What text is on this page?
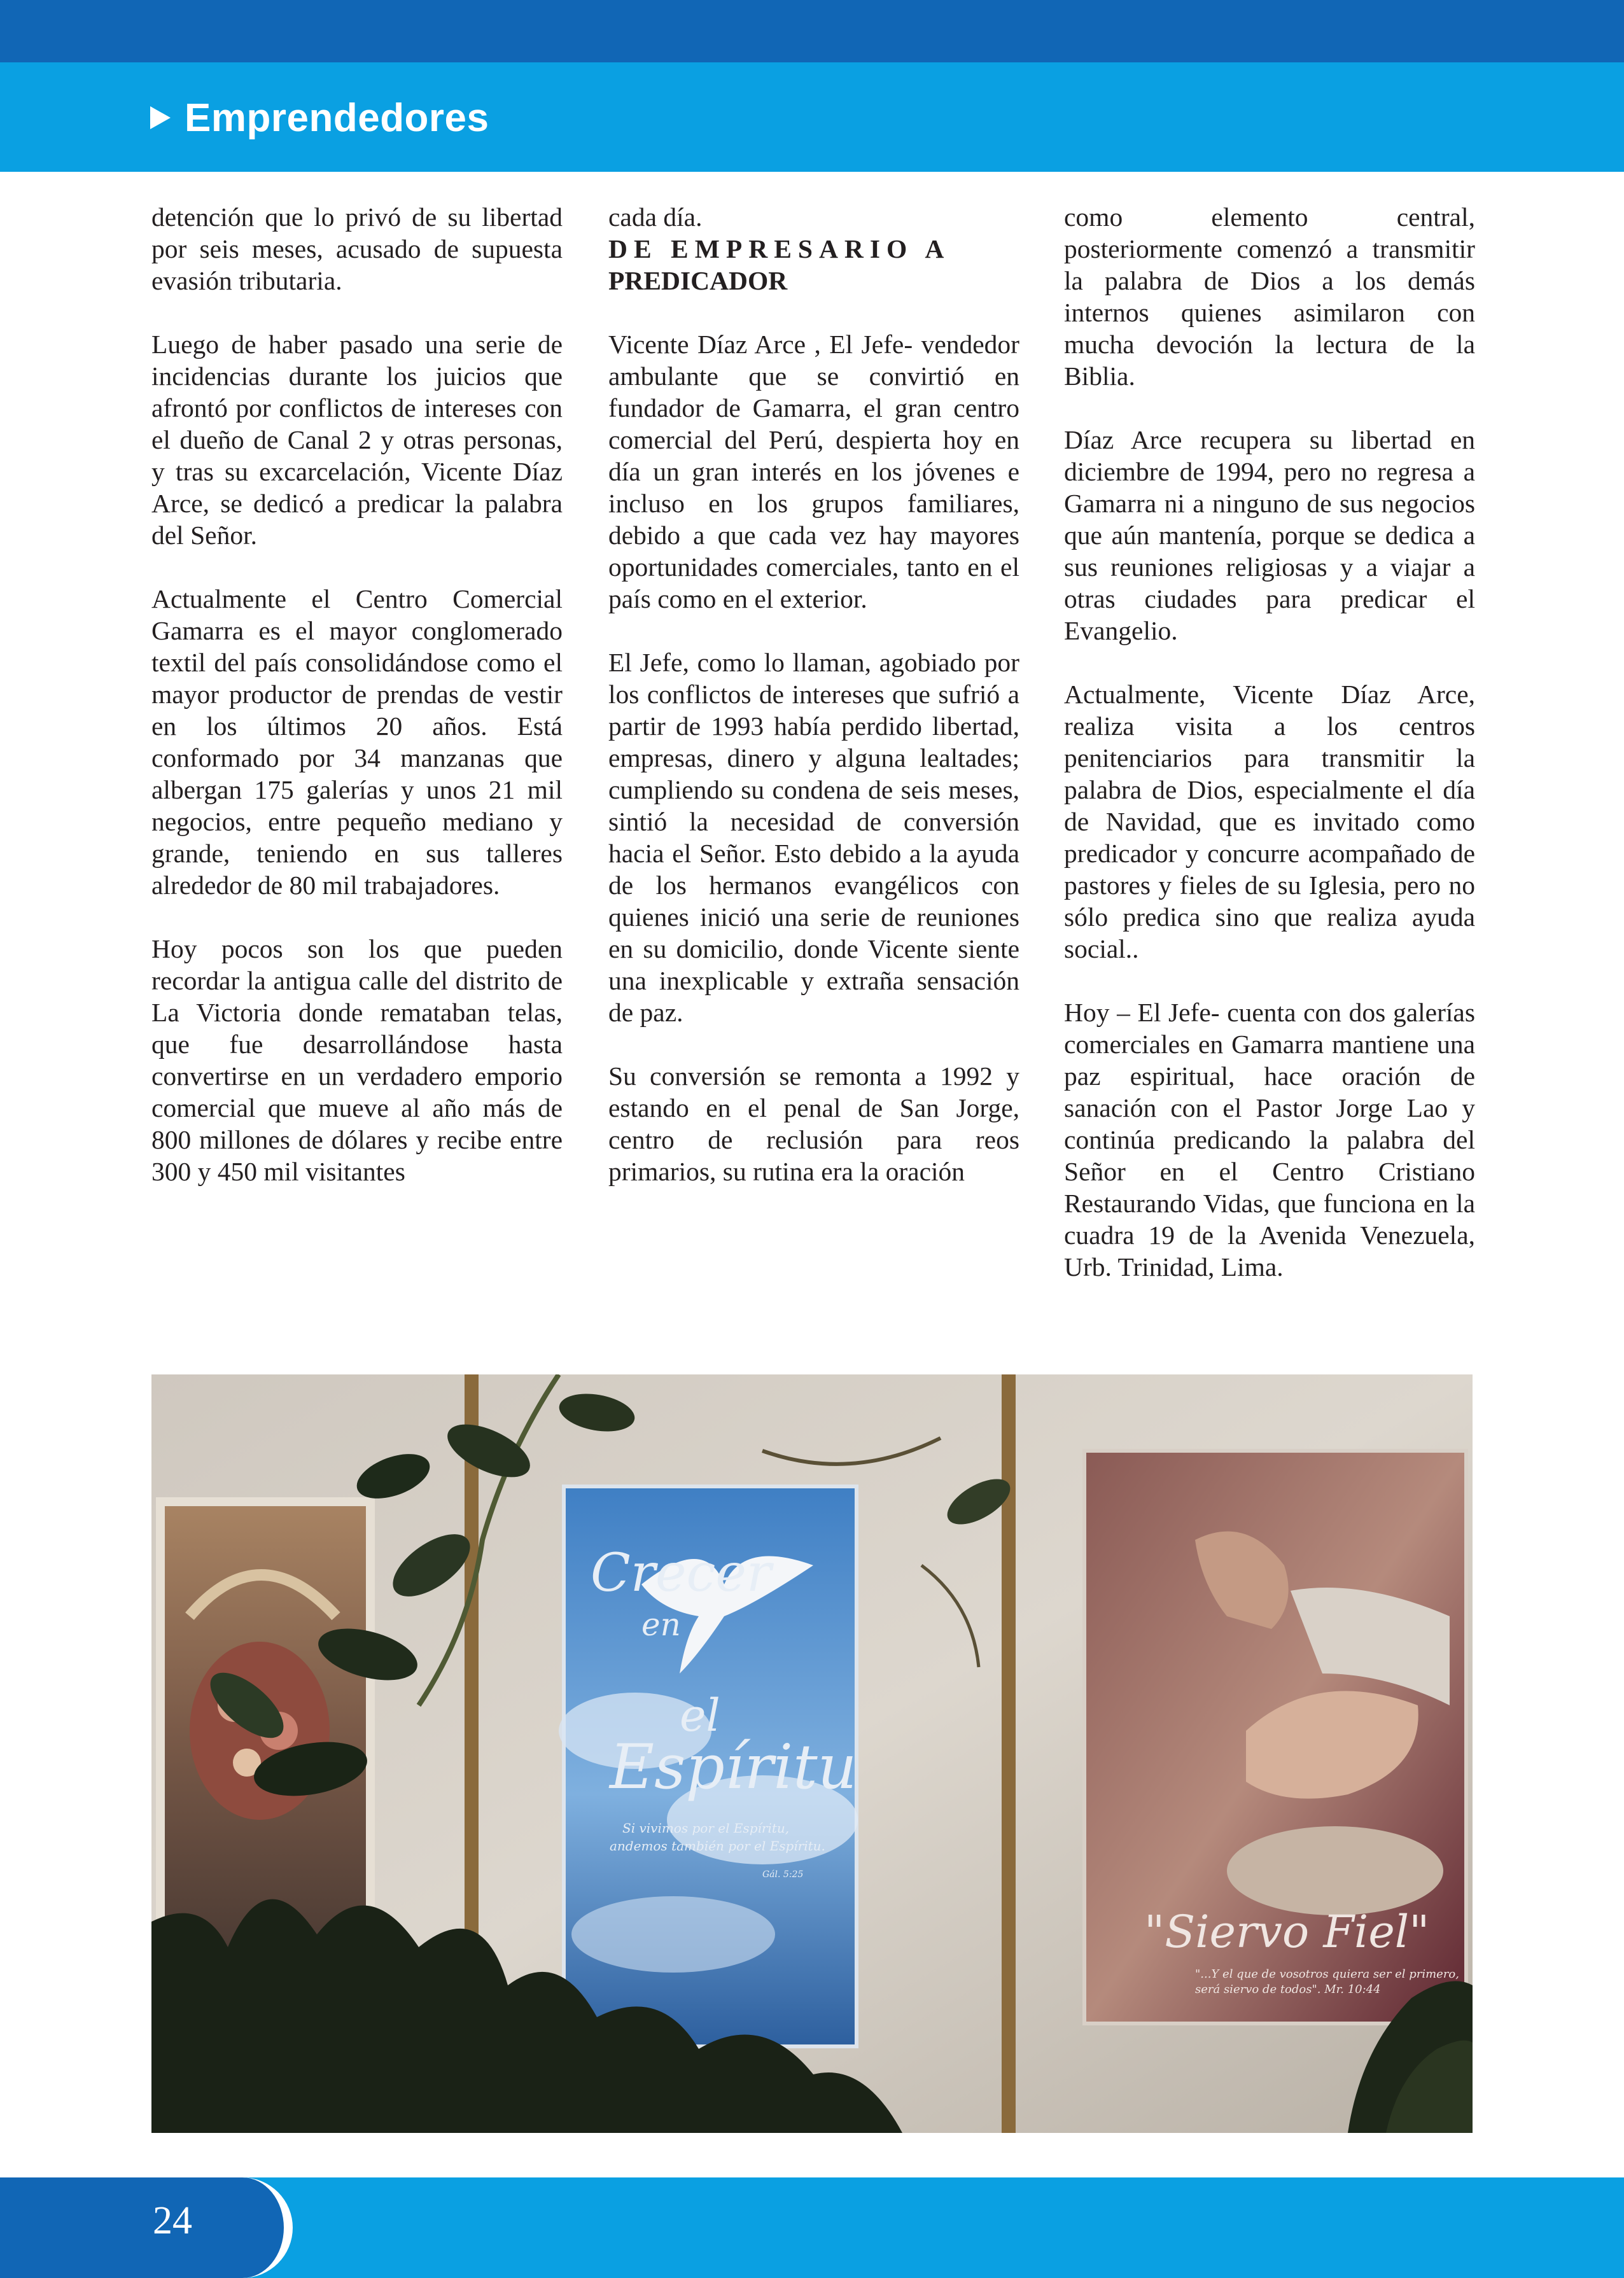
Emprendedores

detención que lo privó de su libertad por seis meses, acusado de supuesta evasión tributaria.

Luego de haber pasado una serie de incidencias durante los juicios que afrontó por conflictos de intereses con el dueño de Canal 2 y otras personas, y tras su excarcelación, Vicente Díaz Arce, se dedicó a predicar la palabra del Señor.

Actualmente el Centro Comercial Gamarra es el mayor conglomerado textil del país consolidándose como el mayor productor de prendas de vestir en los últimos 20 años. Está conformado por 34 manzanas que albergan 175 galerías y unos 21 mil negocios, entre pequeño mediano y grande, teniendo en sus talleres alrededor de 80 mil trabajadores.

Hoy pocos son los que pueden recordar la antigua calle del distrito de La Victoria donde remataban telas, que fue desarrollándose hasta convertirse en un verdadero emporio comercial que mueve al año más de 800 millones de dólares y recibe entre 300 y 450 mil visitantes

cada día.

DE EMPRESARIO A
PREDICADOR

Vicente Díaz Arce , El Jefe- vendedor ambulante que se convirtió en fundador de Gamarra, el gran centro comercial del Perú, despierta hoy en día un gran interés en los jóvenes e incluso en los grupos familiares, debido a que cada vez hay mayores oportunidades comerciales, tanto en el país como en el exterior.

El Jefe, como lo llaman, agobiado por los conflictos de intereses que sufrió a partir de 1993 había perdido libertad, empresas, dinero y alguna lealtades; cumpliendo su condena de seis meses, sintió la necesidad de conversión hacia el Señor. Esto debido a la ayuda de los hermanos evangélicos con quienes inició una serie de reuniones en su domicilio, donde Vicente siente una inexplicable y extraña sensación de paz.

Su conversión se remonta a 1992 y estando en el penal de San Jorge, centro de reclusión para reos primarios, su rutina era la oración

como elemento central, posteriormente comenzó a transmitir la palabra de Dios a los demás internos quienes asimilaron con mucha devoción la lectura de la Biblia.

Díaz Arce recupera su libertad en diciembre de 1994, pero no regresa a Gamarra ni a ninguno de sus negocios que aún mantenía, porque se dedica a sus reuniones religiosas y a viajar a otras ciudades para predicar el Evangelio.

Actualmente, Vicente Díaz Arce, realiza visita a los centros penitenciarios para transmitir la palabra de Dios, especialmente el día de Navidad, que es invitado como predicador y concurre acompañado de pastores y fieles de su Iglesia, pero no sólo predica sino que realiza ayuda social..

Hoy – El Jefe- cuenta con dos galerías comerciales en Gamarra mantiene una paz espiritual, hace oración de sanación con el Pastor Jorge Lao y continúa predicando la palabra del Señor en el Centro Cristiano Restaurando Vidas, que funciona en la cuadra 19 de la Avenida Venezuela, Urb. Trinidad, Lima.

Crecer
en
el
Espíritu
Si vivimos por el Espíritu,
andemos también por el Espíritu.
Gál. 5:25
"Siervo Fiel"
"...Y el que de vosotros quiera ser el primero,
será siervo de todos". Mr. 10:44
24
